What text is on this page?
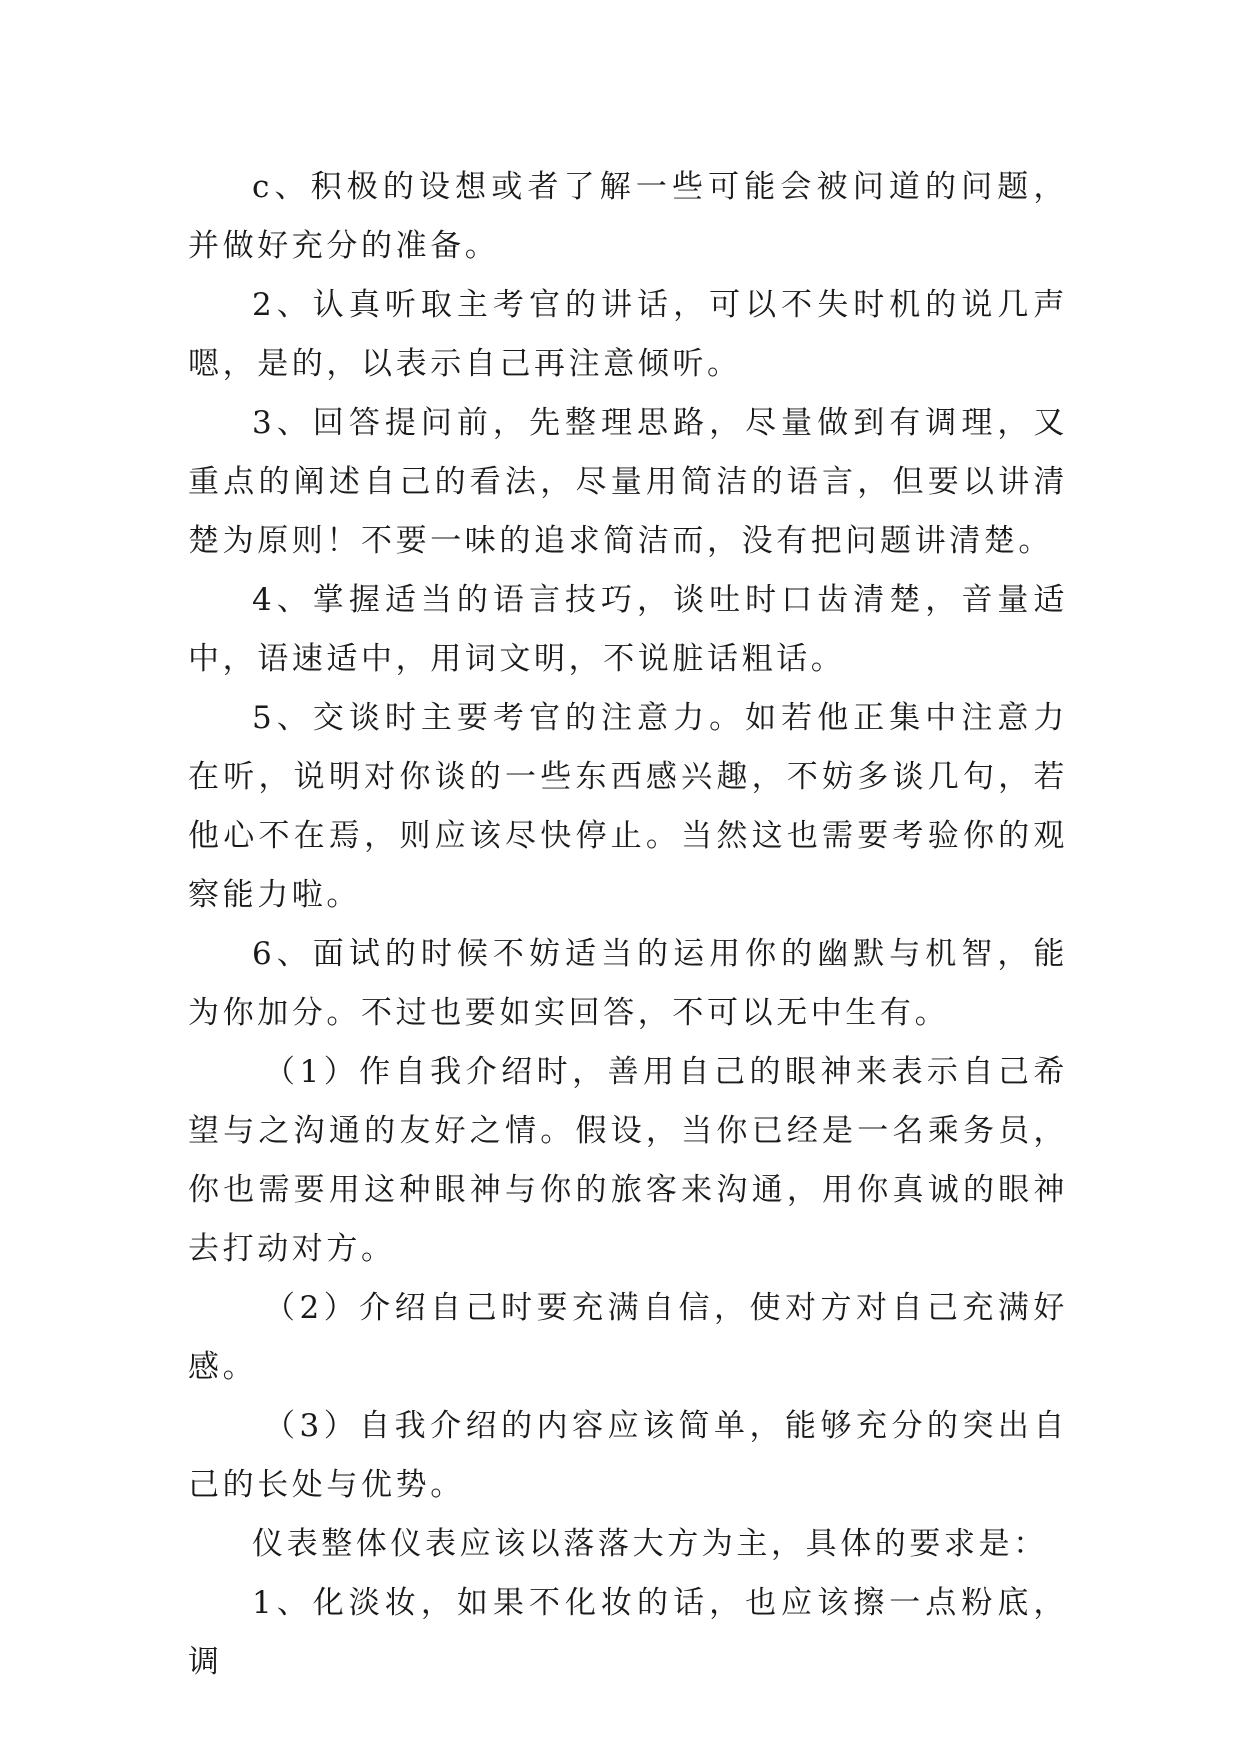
c、积极的设想或者了解一些可能会被问道的问题，并做好充分的准备。

2、认真听取主考官的讲话，可以不失时机的说几声嗯，是的，以表示自己再注意倾听。

3、回答提问前，先整理思路，尽量做到有调理，又重点的阐述自己的看法，尽量用简洁的语言，但要以讲清楚为原则！不要一味的追求简洁而，没有把问题讲清楚。

4、掌握适当的语言技巧，谈吐时口齿清楚，音量适中，语速适中，用词文明，不说脏话粗话。

5、交谈时主要考官的注意力。如若他正集中注意力在听，说明对你谈的一些东西感兴趣，不妨多谈几句，若他心不在焉，则应该尽快停止。当然这也需要考验你的观察能力啦。

6、面试的时候不妨适当的运用你的幽默与机智，能为你加分。不过也要如实回答，不可以无中生有。

（1）作自我介绍时，善用自己的眼神来表示自己希望与之沟通的友好之情。假设，当你已经是一名乘务员，你也需要用这种眼神与你的旅客来沟通，用你真诚的眼神去打动对方。

（2）介绍自己时要充满自信，使对方对自己充满好感。

（3）自我介绍的内容应该简单，能够充分的突出自己的长处与优势。

仪表整体仪表应该以落落大方为主，具体的要求是：

1、化淡妆，如果不化妆的话，也应该擦一点粉底，调
